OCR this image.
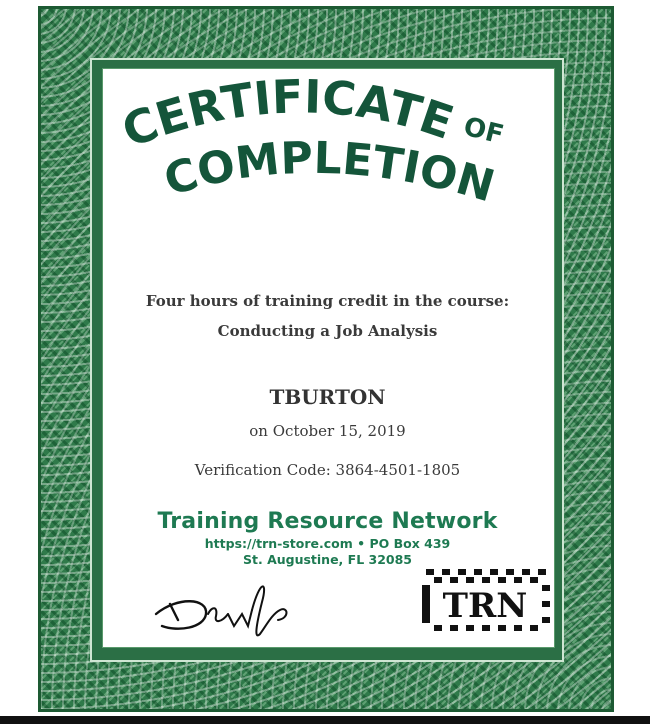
CERTIFICATE OF
COMPLETION
Four hours of training credit in the course:
Conducting a Job Analysis
TBURTON
on October 15, 2019
Verification Code: 3864-4501-1805
Training Resource Network
https://trn-store.com • PO Box 439
St. Augustine, FL 32085
TRN
